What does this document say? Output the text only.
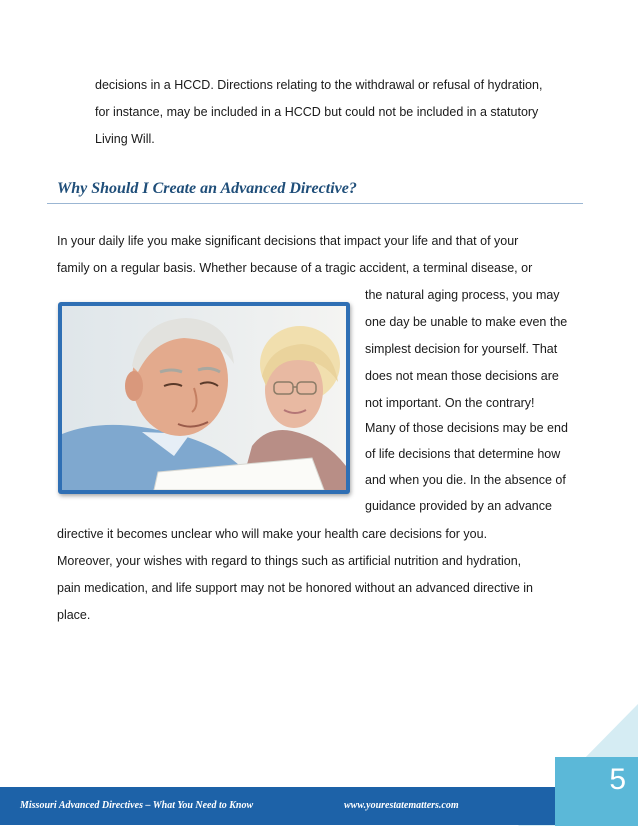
decisions in a HCCD. Directions relating to the withdrawal or refusal of hydration,
for instance, may be included in a HCCD but could not be included in a statutory
Living Will.
Why Should I Create an Advanced Directive?
In your daily life you make significant decisions that impact your life and that of your
family on a regular basis. Whether because of a tragic accident, a terminal disease, or
the natural aging process, you may
one day be unable to make even the
simplest decision for yourself. That
does not mean those decisions are
not important. On the contrary!
Many of those decisions may be end
of life decisions that determine how
and when you die. In the absence of
guidance provided by an advance
directive it becomes unclear who will make your health care decisions for you.
Moreover, your wishes with regard to things such as artificial nutrition and hydration,
pain medication, and life support may not be honored without an advanced directive in
place.
Missouri Advanced Directives – What You Need to Know	www.yourestatematters.com
5
